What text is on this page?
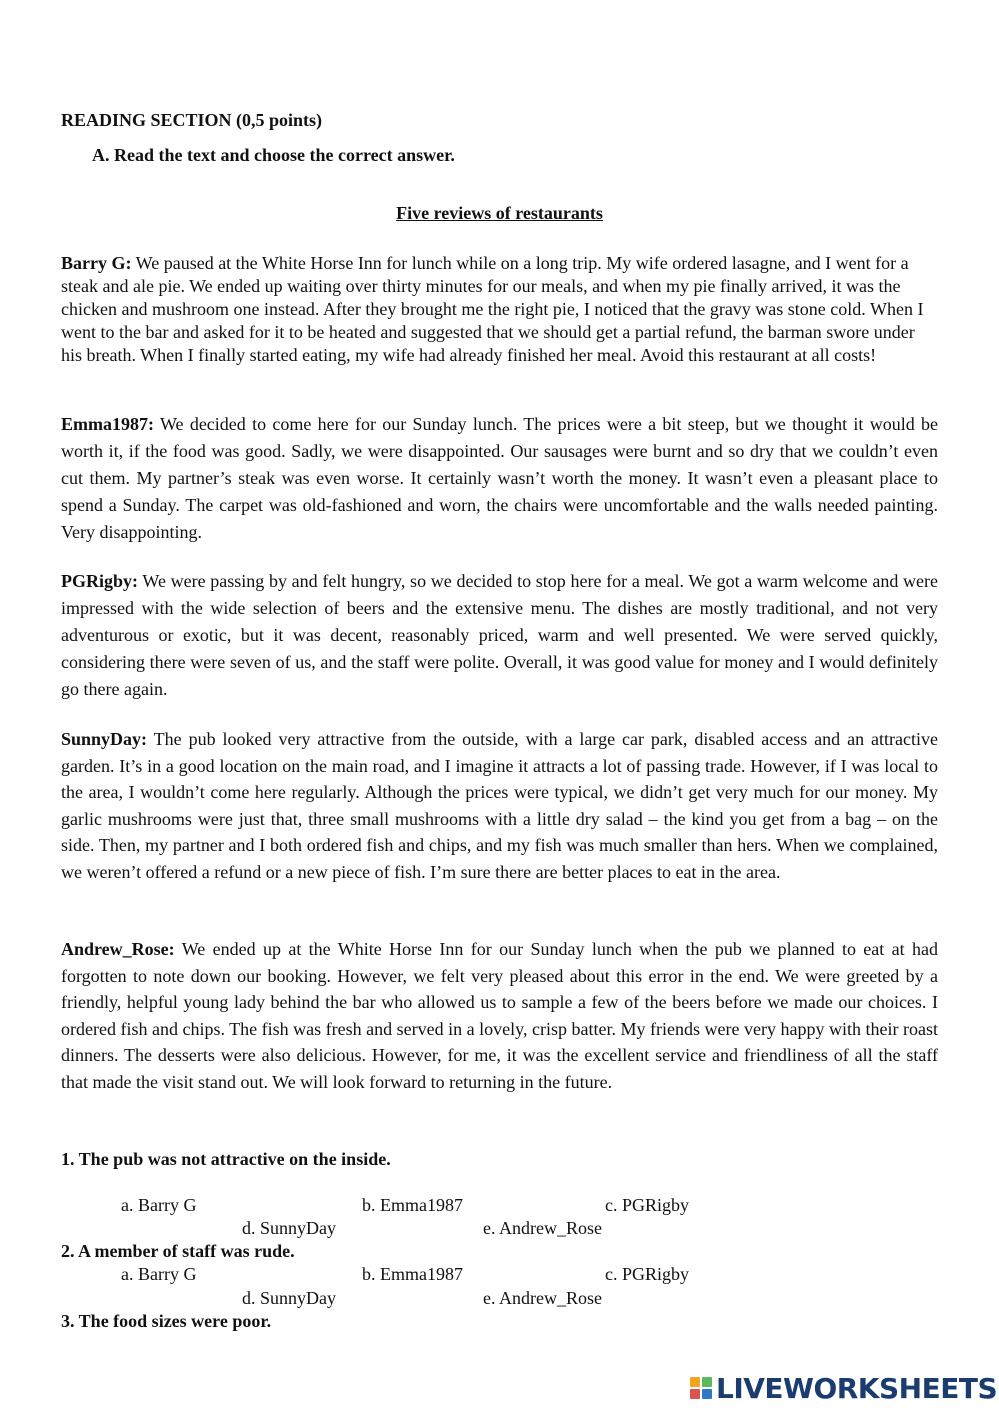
READING SECTION (0,5 points)

A. Read the text and choose the correct answer.

Five reviews of restaurants

Barry G: We paused at the White Horse Inn for lunch while on a long trip. My wife ordered lasagne, and I went for a steak and ale pie. We ended up waiting over thirty minutes for our meals, and when my pie finally arrived, it was the chicken and mushroom one instead. After they brought me the right pie, I noticed that the gravy was stone cold. When I went to the bar and asked for it to be heated and suggested that we should get a partial refund, the barman swore under his breath. When I finally started eating, my wife had already finished her meal. Avoid this restaurant at all costs!

Emma1987: We decided to come here for our Sunday lunch. The prices were a bit steep, but we thought it would be worth it, if the food was good. Sadly, we were disappointed. Our sausages were burnt and so dry that we couldn’t even cut them. My partner’s steak was even worse. It certainly wasn’t worth the money. It wasn’t even a pleasant place to spend a Sunday. The carpet was old-fashioned and worn, the chairs were uncomfortable and the walls needed painting. Very disappointing.

PGRigby: We were passing by and felt hungry, so we decided to stop here for a meal. We got a warm welcome and were impressed with the wide selection of beers and the extensive menu. The dishes are mostly traditional, and not very adventurous or exotic, but it was decent, reasonably priced, warm and well presented. We were served quickly, considering there were seven of us, and the staff were polite. Overall, it was good value for money and I would definitely go there again.

SunnyDay: The pub looked very attractive from the outside, with a large car park, disabled access and an attractive garden. It’s in a good location on the main road, and I imagine it attracts a lot of passing trade. However, if I was local to the area, I wouldn’t come here regularly. Although the prices were typical, we didn’t get very much for our money. My garlic mushrooms were just that, three small mushrooms with a little dry salad – the kind you get from a bag – on the side. Then, my partner and I both ordered fish and chips, and my fish was much smaller than hers. When we complained, we weren’t offered a refund or a new piece of fish. I’m sure there are better places to eat in the area.

Andrew_Rose: We ended up at the White Horse Inn for our Sunday lunch when the pub we planned to eat at had forgotten to note down our booking. However, we felt very pleased about this error in the end. We were greeted by a friendly, helpful young lady behind the bar who allowed us to sample a few of the beers before we made our choices. I ordered fish and chips. The fish was fresh and served in a lovely, crisp batter. My friends were very happy with their roast dinners. The desserts were also delicious. However, for me, it was the excellent service and friendliness of all the staff that made the visit stand out. We will look forward to returning in the future.

1. The pub was not attractive on the inside.

a. Barry G	b. Emma1987	c. PGRigby
d. SunnyDay	e. Andrew_Rose

2. A member of staff was rude.

a. Barry G	b. Emma1987	c. PGRigby
d. SunnyDay	e. Andrew_Rose

3. The food sizes were poor.

LIVEWORKSHEETS
